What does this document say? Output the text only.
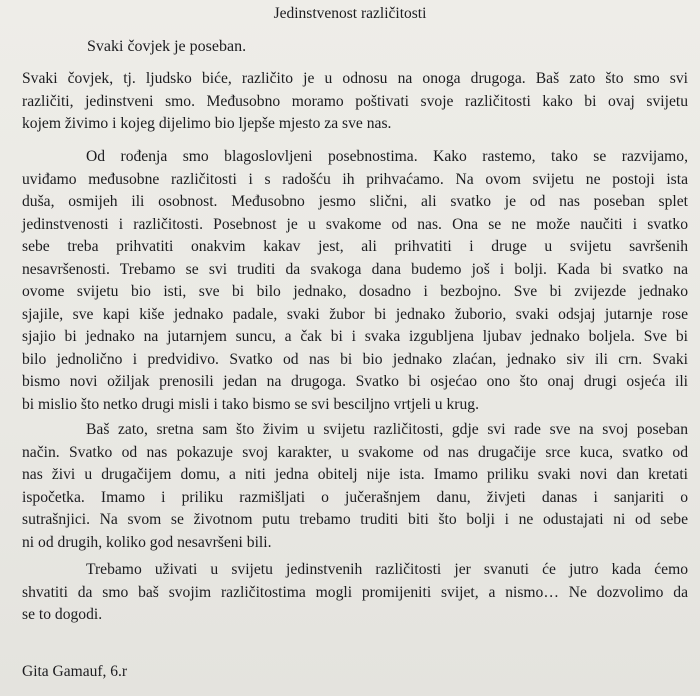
Jedinstvenost različitosti
Svaki čovjek je poseban.
Svaki čovjek, tj. ljudsko biće, različito je u odnosu na onoga drugoga. Baš zato što smo svi
različiti, jedinstveni smo. Međusobno moramo poštivati svoje različitosti kako bi ovaj svijetu
kojem živimo i kojeg dijelimo bio ljepše mjesto za sve nas.
Od rođenja smo blagoslovljeni posebnostima. Kako rastemo, tako se razvijamo,
uviđamo međusobne različitosti i s radošću ih prihvaćamo. Na ovom svijetu ne postoji ista
duša, osmijeh ili osobnost. Međusobno jesmo slični, ali svatko je od nas poseban splet
jedinstvenosti i različitosti. Posebnost je u svakome od nas. Ona se ne može naučiti i svatko
sebe treba prihvatiti onakvim kakav jest, ali prihvatiti i druge u svijetu savršenih
nesavršenosti. Trebamo se svi truditi da svakoga dana budemo još i bolji. Kada bi svatko na
ovome svijetu bio isti, sve bi bilo jednako, dosadno i bezbojno. Sve bi zvijezde jednako
sjajile, sve kapi kiše jednako padale, svaki žubor bi jednako žuborio, svaki odsjaj jutarnje rose
sjajio bi jednako na jutarnjem suncu, a čak bi i svaka izgubljena ljubav jednako boljela. Sve bi
bilo jednolično i predvidivo. Svatko od nas bi bio jednako zlaćan, jednako siv ili crn. Svaki
bismo novi ožiljak prenosili jedan na drugoga. Svatko bi osjećao ono što onaj drugi osjeća ili
bi mislio što netko drugi misli i tako bismo se svi besciljno vrtjeli u krug.
Baš zato, sretna sam što živim u svijetu različitosti, gdje svi rade sve na svoj poseban
način. Svatko od nas pokazuje svoj karakter, u svakome od nas drugačije srce kuca, svatko od
nas živi u drugačijem domu, a niti jedna obitelj nije ista. Imamo priliku svaki novi dan kretati
ispočetka. Imamo i priliku razmišljati o jučerašnjem danu, živjeti danas i sanjariti o
sutrašnjici. Na svom se životnom putu trebamo truditi biti što bolji i ne odustajati ni od sebe
ni od drugih, koliko god nesavršeni bili.
Trebamo uživati u svijetu jedinstvenih različitosti jer svanuti će jutro kada ćemo
shvatiti da smo baš svojim različitostima mogli promijeniti svijet, a nismo… Ne dozvolimo da
se to dogodi.
Gita Gamauf, 6.r
